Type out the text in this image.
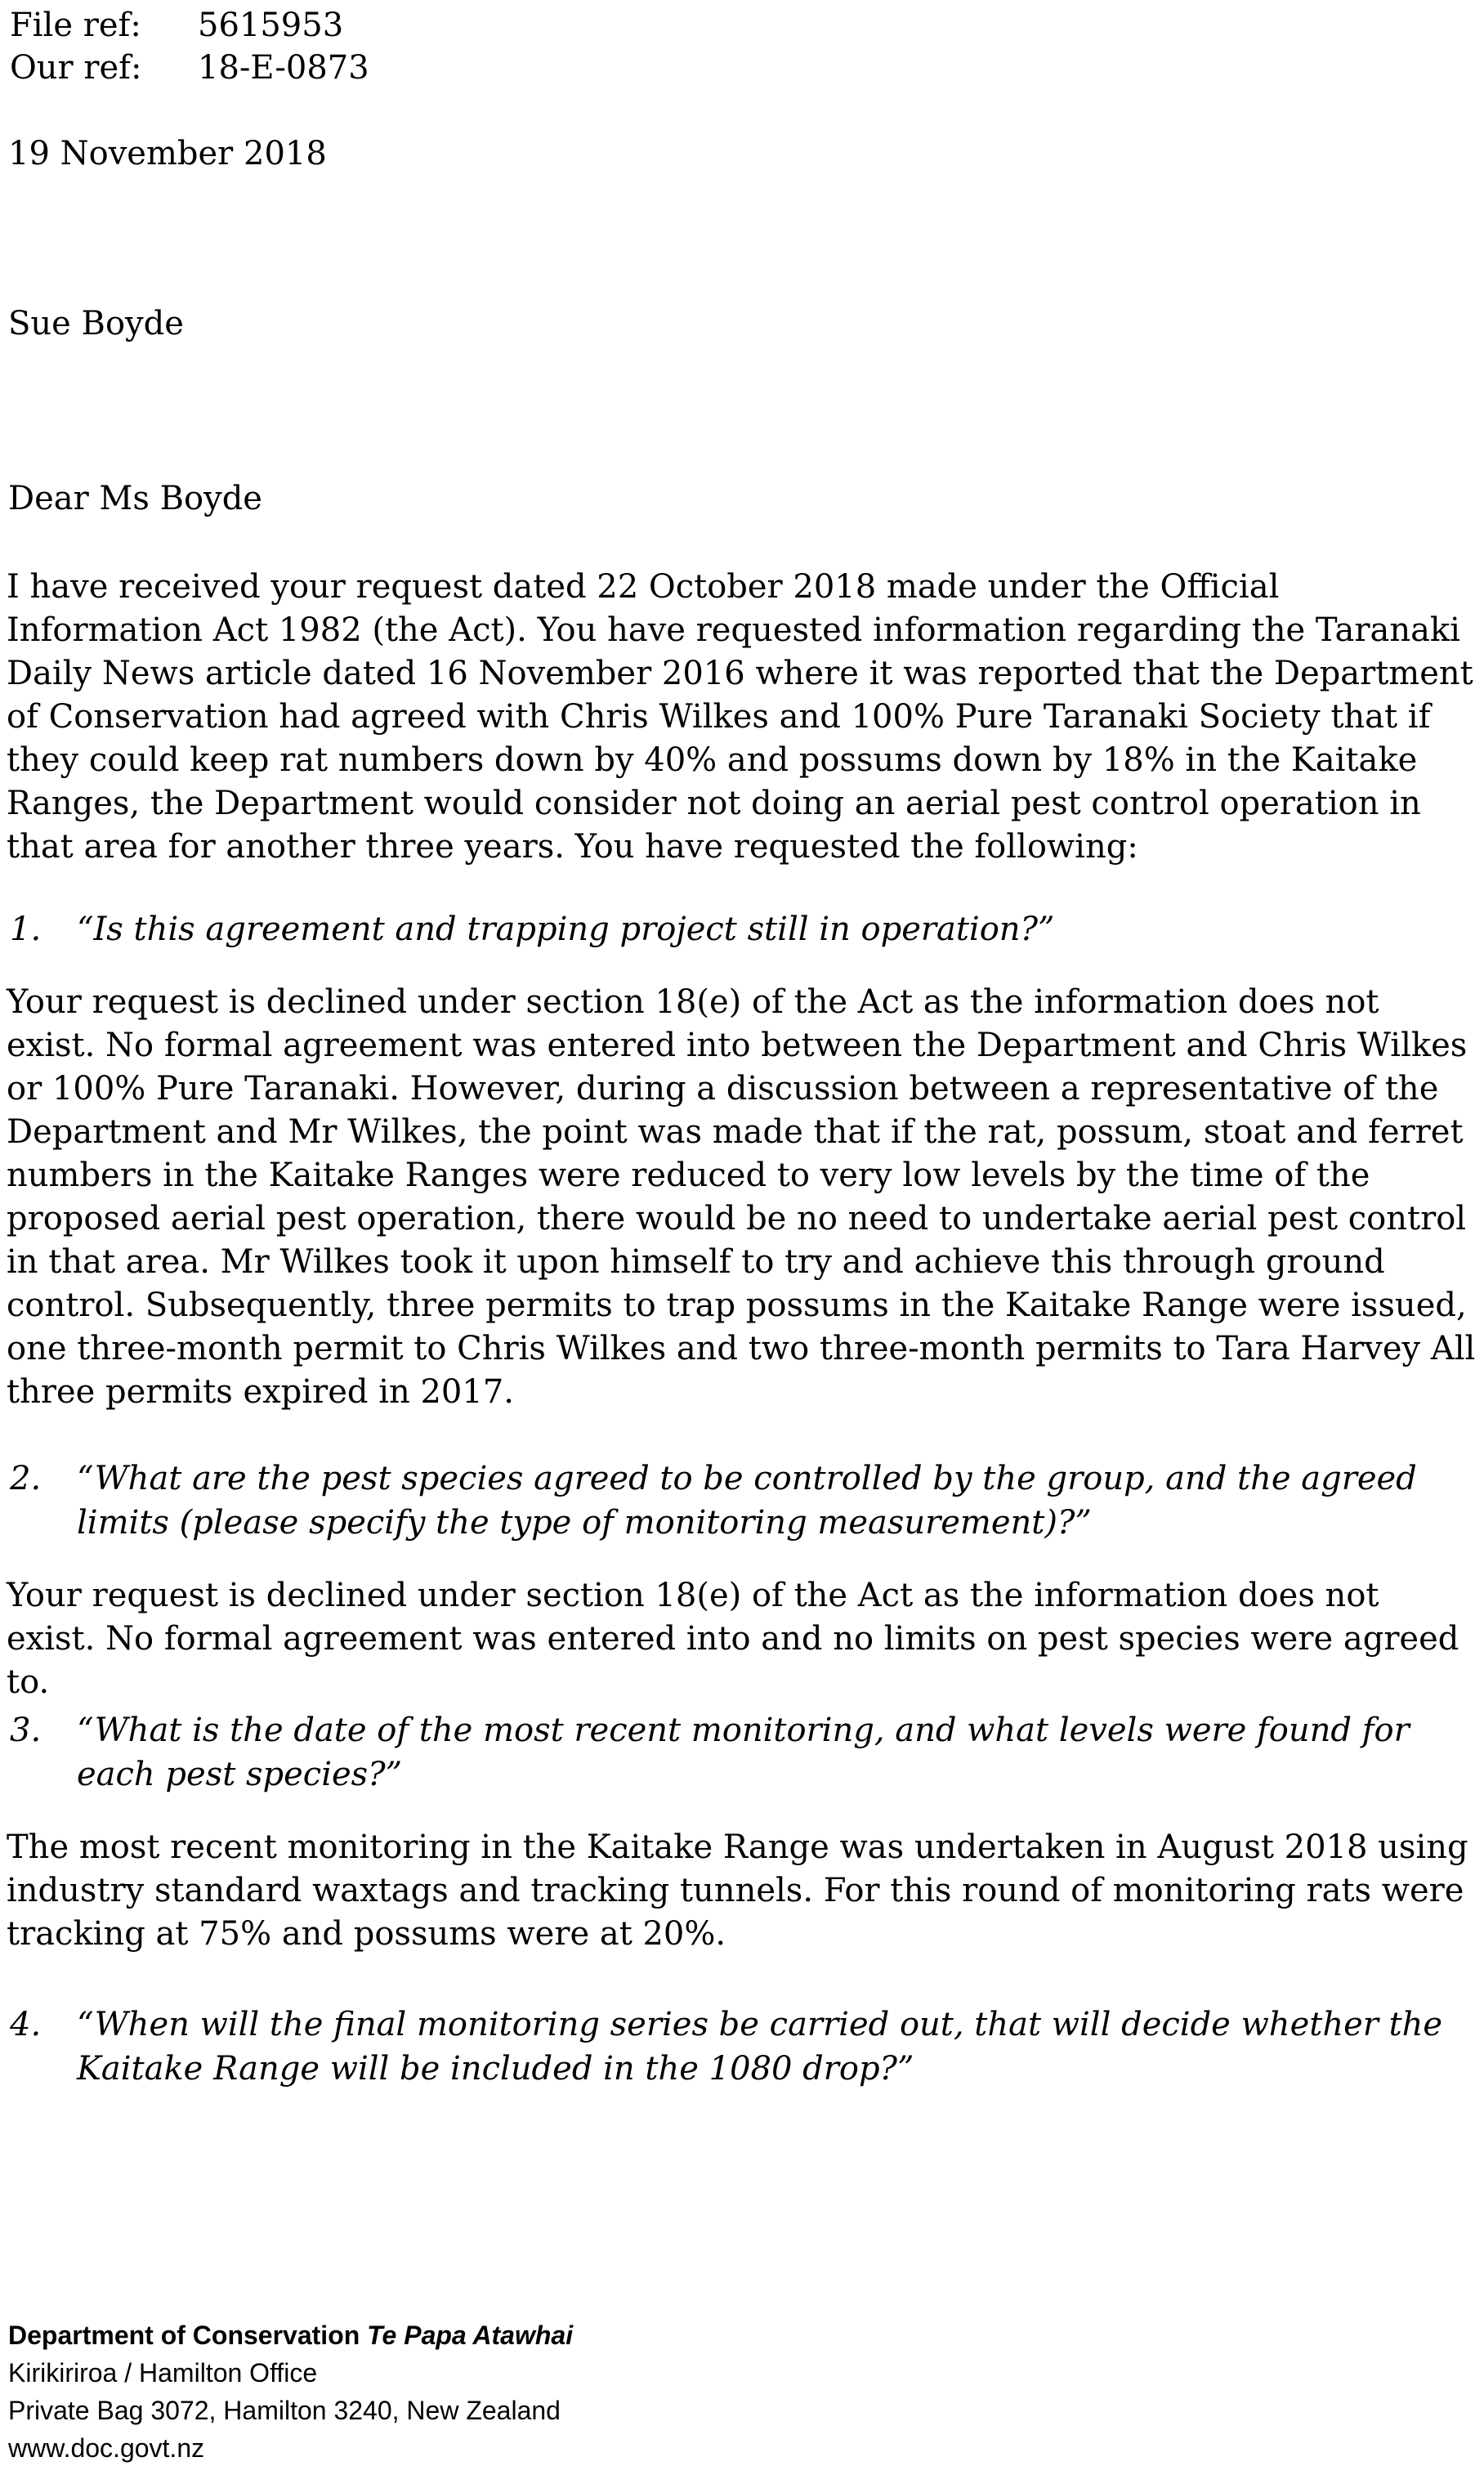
File ref: 5615953
Our ref: 18-E-0873
19 November 2018
Sue Boyde
Dear Ms Boyde
I have received your request dated 22 October 2018 made under the Official Information Act 1982 (the Act). You have requested information regarding the Taranaki Daily News article dated 16 November 2016 where it was reported that the Department of Conservation had agreed with Chris Wilkes and 100% Pure Taranaki Society that if they could keep rat numbers down by 40% and possums down by 18% in the Kaitake Ranges, the Department would consider not doing an aerial pest control operation in that area for another three years. You have requested the following:
1. “Is this agreement and trapping project still in operation?”
Your request is declined under section 18(e) of the Act as the information does not exist. No formal agreement was entered into between the Department and Chris Wilkes or 100% Pure Taranaki. However, during a discussion between a representative of the Department and Mr Wilkes, the point was made that if the rat, possum, stoat and ferret numbers in the Kaitake Ranges were reduced to very low levels by the time of the proposed aerial pest operation, there would be no need to undertake aerial pest control in that area. Mr Wilkes took it upon himself to try and achieve this through ground control. Subsequently, three permits to trap possums in the Kaitake Range were issued, one three-month permit to Chris Wilkes and two three-month permits to Tara Harvey All three permits expired in 2017.
2. “What are the pest species agreed to be controlled by the group, and the agreed limits (please specify the type of monitoring measurement)?”
Your request is declined under section 18(e) of the Act as the information does not exist. No formal agreement was entered into and no limits on pest species were agreed to.
3. “What is the date of the most recent monitoring, and what levels were found for each pest species?”
The most recent monitoring in the Kaitake Range was undertaken in August 2018 using industry standard waxtags and tracking tunnels. For this round of monitoring rats were tracking at 75% and possums were at 20%.
4. “When will the final monitoring series be carried out, that will decide whether the Kaitake Range will be included in the 1080 drop?”
Department of Conservation Te Papa Atawhai
Kirikiriroa / Hamilton Office
Private Bag 3072, Hamilton 3240, New Zealand
www.doc.govt.nz
